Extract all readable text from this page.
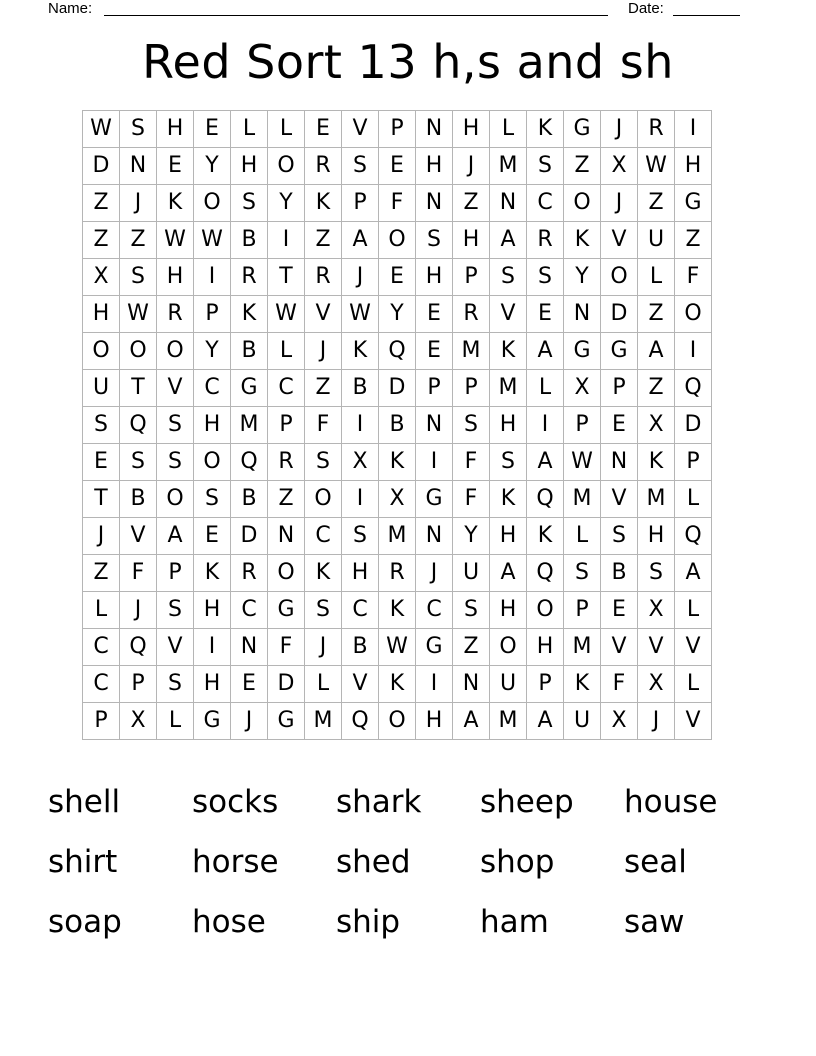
Name:	Date:
Red Sort 13 h,s and sh
W	S	H	E	L	L	E	V	P	N	H	L	K	G	J	R	I
D	N	E	Y	H	O	R	S	E	H	J	M	S	Z	X	W	H
Z	J	K	O	S	Y	K	P	F	N	Z	N	C	O	J	Z	G
Z	Z	W	W	B	I	Z	A	O	S	H	A	R	K	V	U	Z
X	S	H	I	R	T	R	J	E	H	P	S	S	Y	O	L	F
H	W	R	P	K	W	V	W	Y	E	R	V	E	N	D	Z	O
O	O	O	Y	B	L	J	K	Q	E	M	K	A	G	G	A	I
U	T	V	C	G	C	Z	B	D	P	P	M	L	X	P	Z	Q
S	Q	S	H	M	P	F	I	B	N	S	H	I	P	E	X	D
E	S	S	O	Q	R	S	X	K	I	F	S	A	W	N	K	P
T	B	O	S	B	Z	O	I	X	G	F	K	Q	M	V	M	L
J	V	A	E	D	N	C	S	M	N	Y	H	K	L	S	H	Q
Z	F	P	K	R	O	K	H	R	J	U	A	Q	S	B	S	A
L	J	S	H	C	G	S	C	K	C	S	H	O	P	E	X	L
C	Q	V	I	N	F	J	B	W	G	Z	O	H	M	V	V	V
C	P	S	H	E	D	L	V	K	I	N	U	P	K	F	X	L
P	X	L	G	J	G	M	Q	O	H	A	M	A	U	X	J	V
shell socks shark sheep house
shirt horse shed shop seal
soap hose ship	ham saw
